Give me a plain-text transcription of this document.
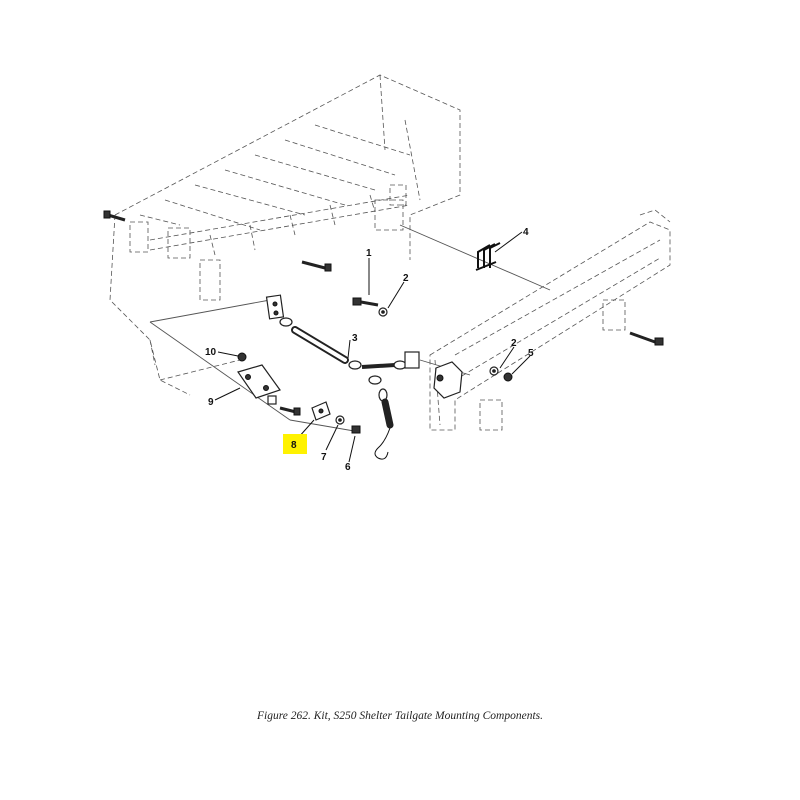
1
2
3
4
2
5
10
9
8
7
6
Figure 262. Kit, S250 Shelter Tailgate Mounting Components.
